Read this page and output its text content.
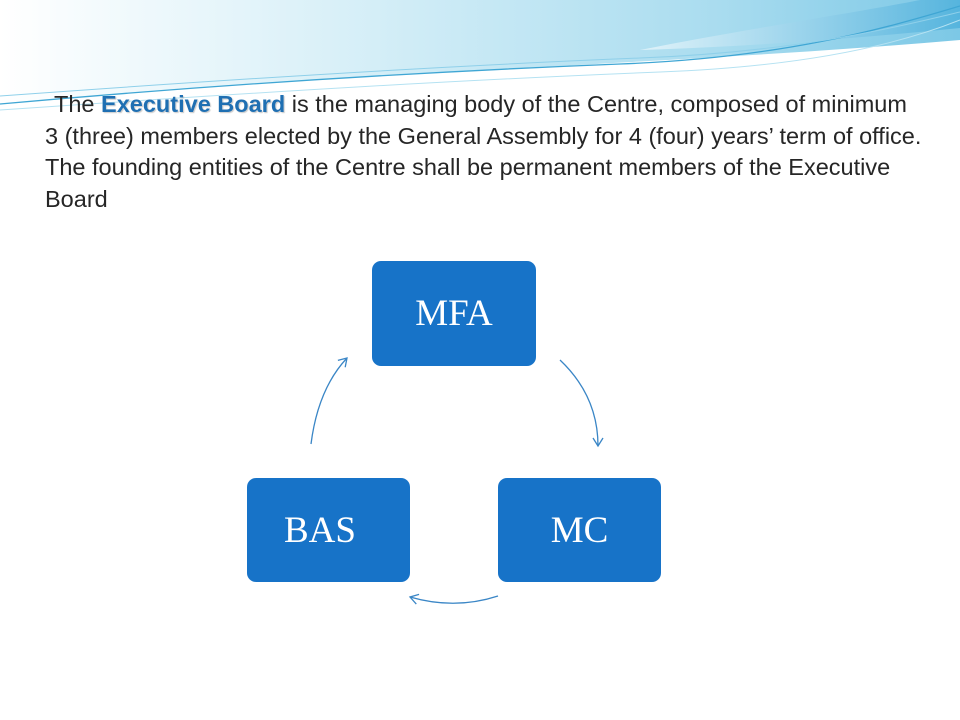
The Executive Board is the managing body of the Centre, composed of minimum 3 (three) members elected by the General Assembly for 4 (four) years’ term of office. The founding entities of the Centre shall be permanent members of the Executive Board

MFA
MC
BAS
